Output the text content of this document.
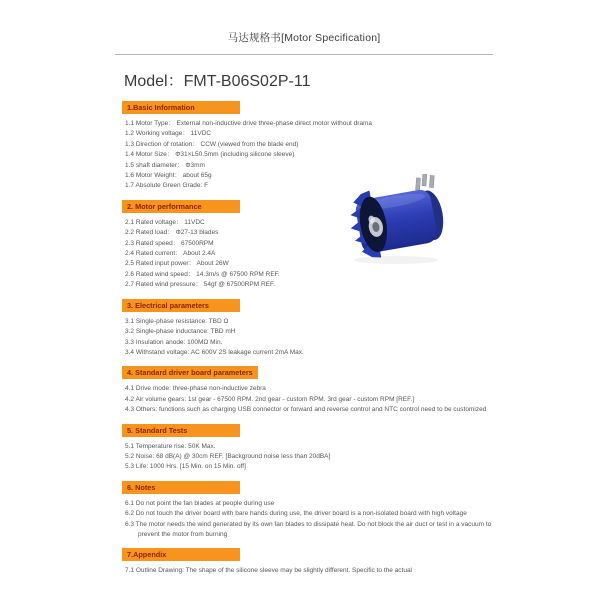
马达规格书[Motor Specification]
Model：FMT-B06S02P-11
1.Basic Information
1.1 Motor Type： External non-inductive drive three-phase direct motor without drama
1.2 Working voltage： 11VDC
1.3 Direction of rotation： CCW (viewed from the blade end)
1.4 Motor Size： Φ31×L50.5mm (including silicone sleeve)
1.5 shaft diameter： Φ3mm
1.6 Motor Weight： about 65g
1.7 Absolute Green Grade: F
2. Motor performance
2.1 Rated voltage： 11VDC
2.2 Rated load： Φ27-13 blades
2.3 Rated speed： 67500RPM
2.4 Rated current： About 2.4A
2.5 Rated input power： About 26W
2.6 Rated wind speed： 14.3m/s @ 67500 RPM REF.
2.7 Rated wind pressure： 54gf @ 67500RPM REF.
3. Electrical parameters
3.1 Single-phase resistance: TBD Ω
3.2 Single-phase inductance: TBD mH
3.3 Insulation anode: 100MΩ Min.
3.4 Withstand voltage: AC 600V 2S leakage current 2mA Max.
4. Standard driver board parameters
4.1 Drive mode: three-phase non-inductive zebra
4.2 Air volume gears: 1st gear - 67500 RPM. 2nd gear - custom RPM. 3rd gear - custom RPM [REF.]
4.3 Others: functions such as charging USB connector or forward and reverse control and NTC control need to be customized
5. Standard Tests
5.1 Temperature rise: 50K Max.
5.2 Noise: 68 dB(A) @ 30cm REF. [Background noise less than 20dBA]
5.3 Life: 1000 Hrs. [15 Min. on 15 Min. off]
6. Notes
6.1 Do not point the fan blades at people during use
6.2 Do not touch the driver board with bare hands during use, the driver board is a non-isolated board with high voltage
6.3 The motor needs the wind generated by its own fan blades to dissipate heat. Do not block the air duct or test in a vacuum to prevent the motor from burning
7.Appendix
7.1 Outline Drawing: The shape of the silicone sleeve may be slightly different. Specific to the actual
